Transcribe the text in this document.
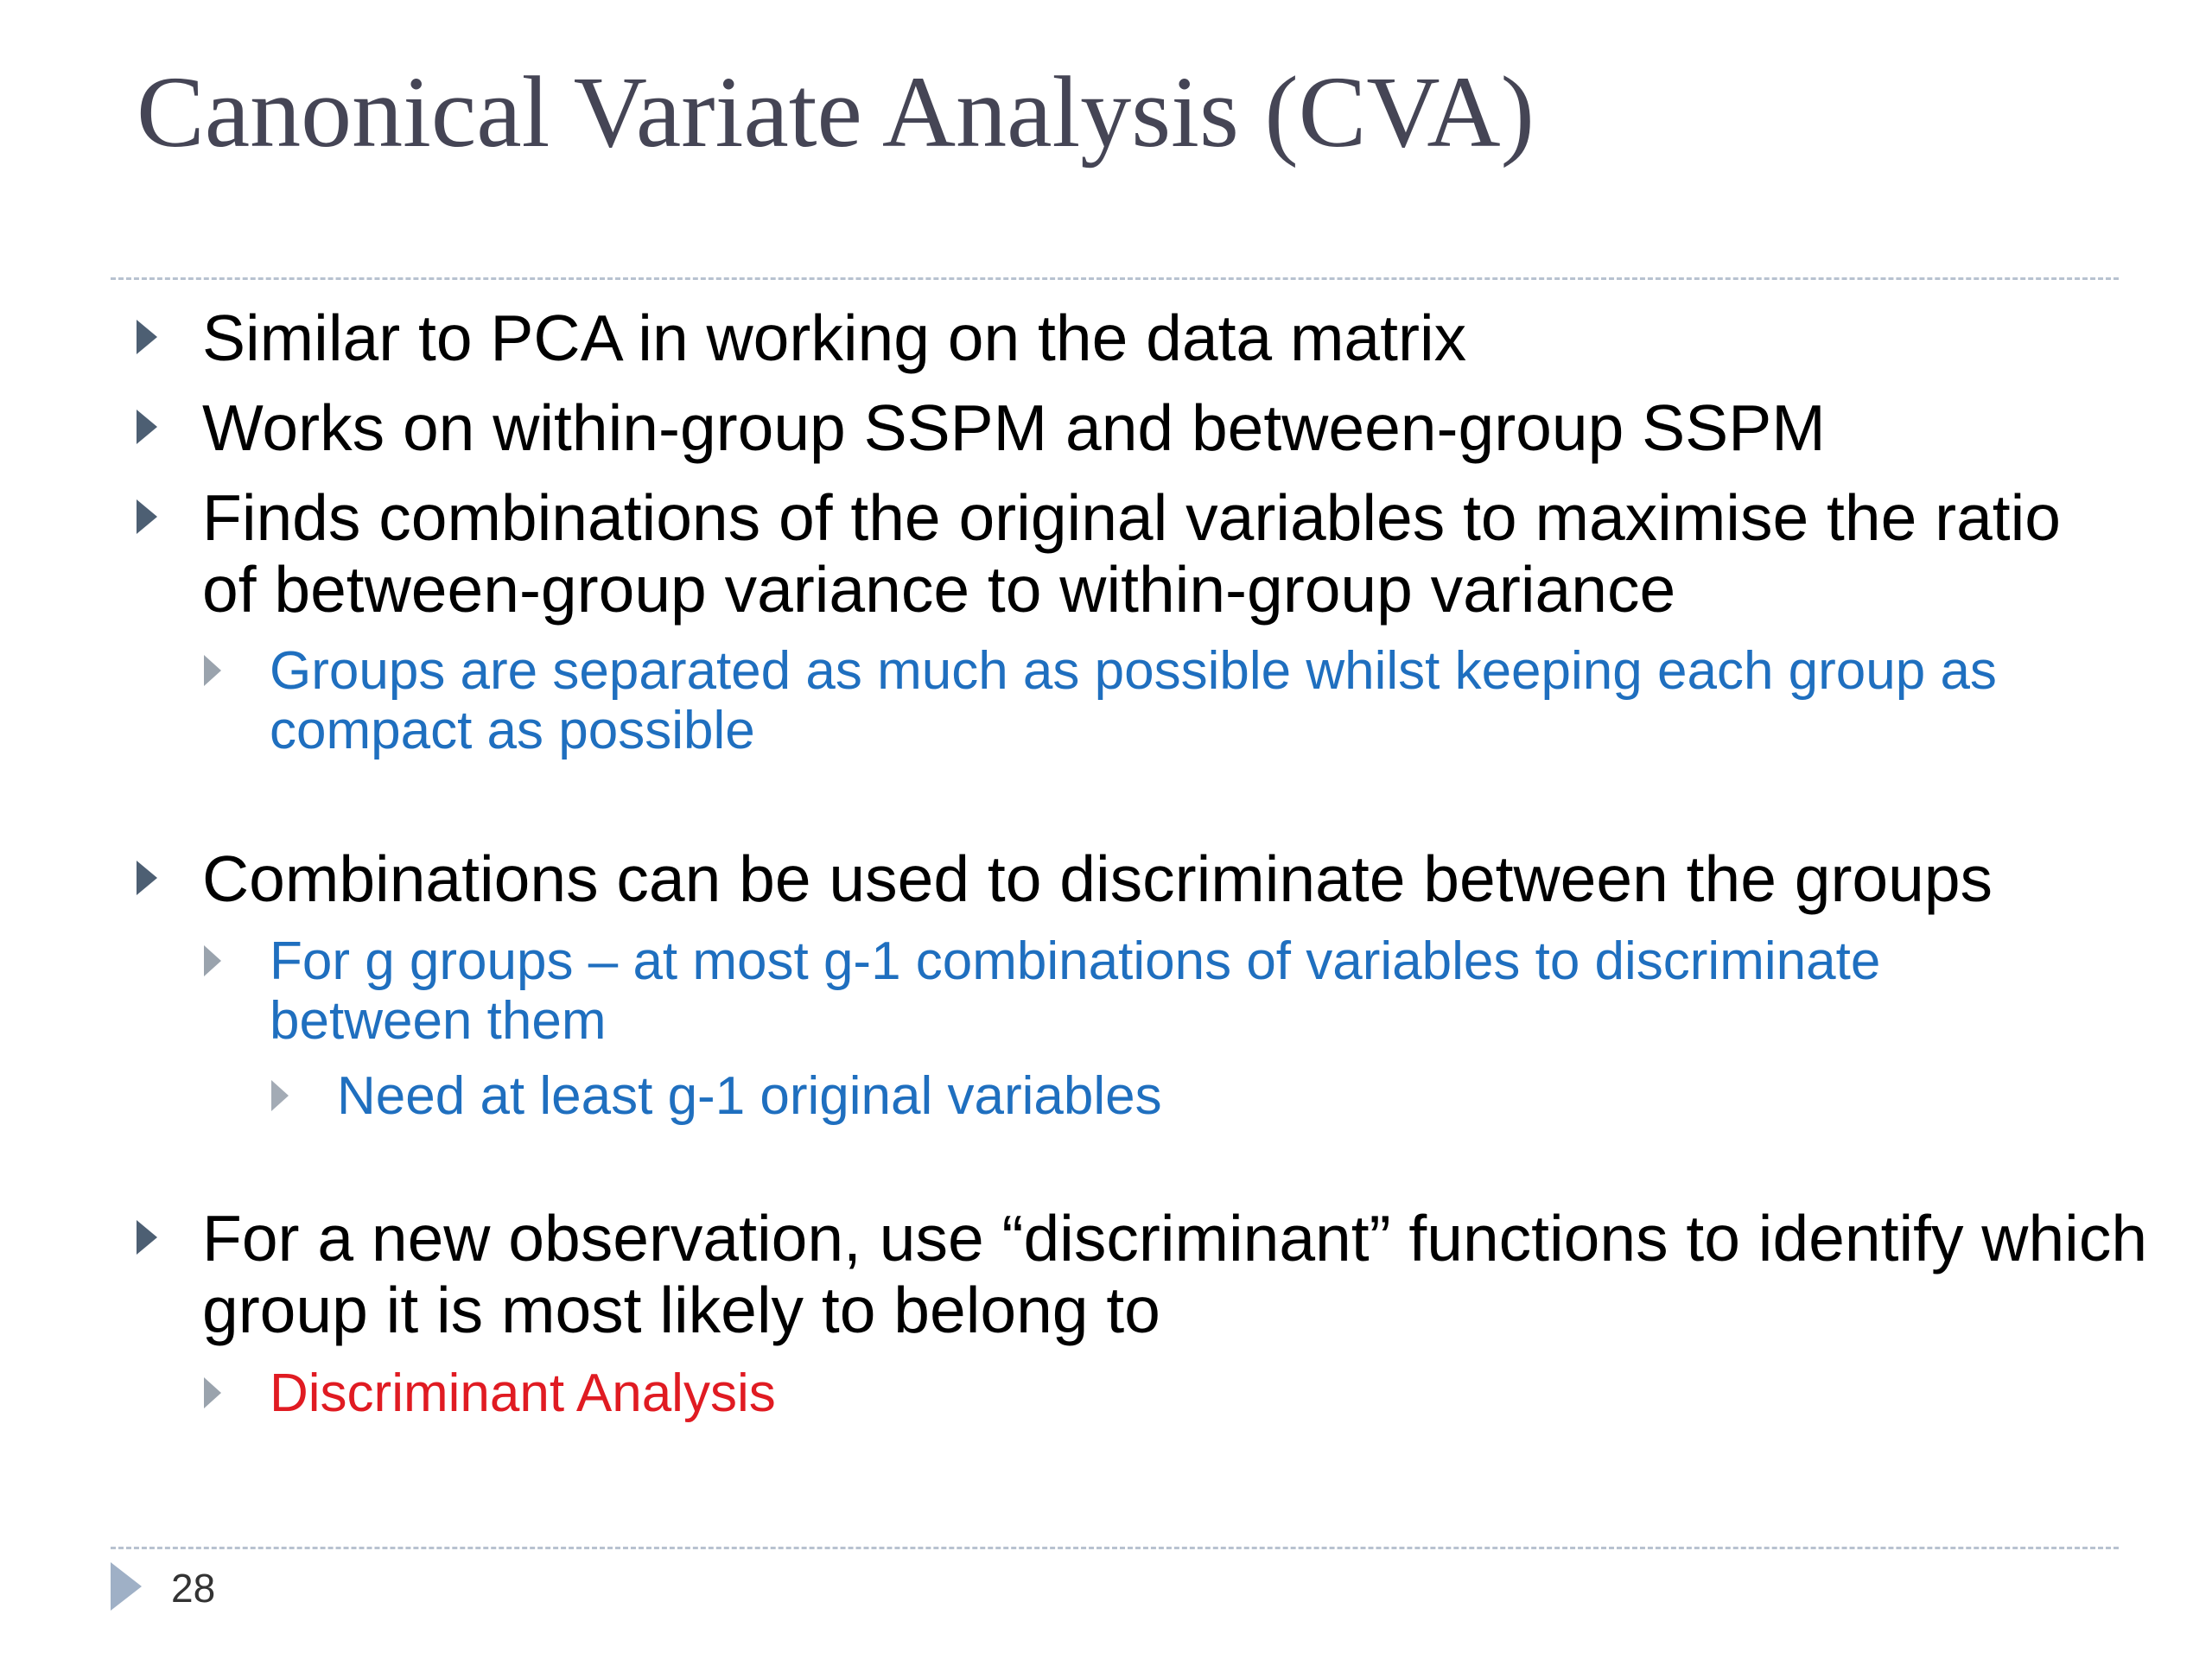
Canonical Variate Analysis (CVA)
Similar to PCA in working on the data matrix
Works on within-group SSPM and between-group SSPM
Finds combinations of the original variables to maximise the ratio of between-group variance to within-group variance
Groups are separated as much as possible whilst keeping each group as compact as possible
Combinations can be used to discriminate between the groups
For g groups – at most g-1 combinations of variables to discriminate between them
Need at least g-1 original variables
For a new observation, use “discriminant” functions to identify which group it is most likely to belong to
Discriminant Analysis
28
